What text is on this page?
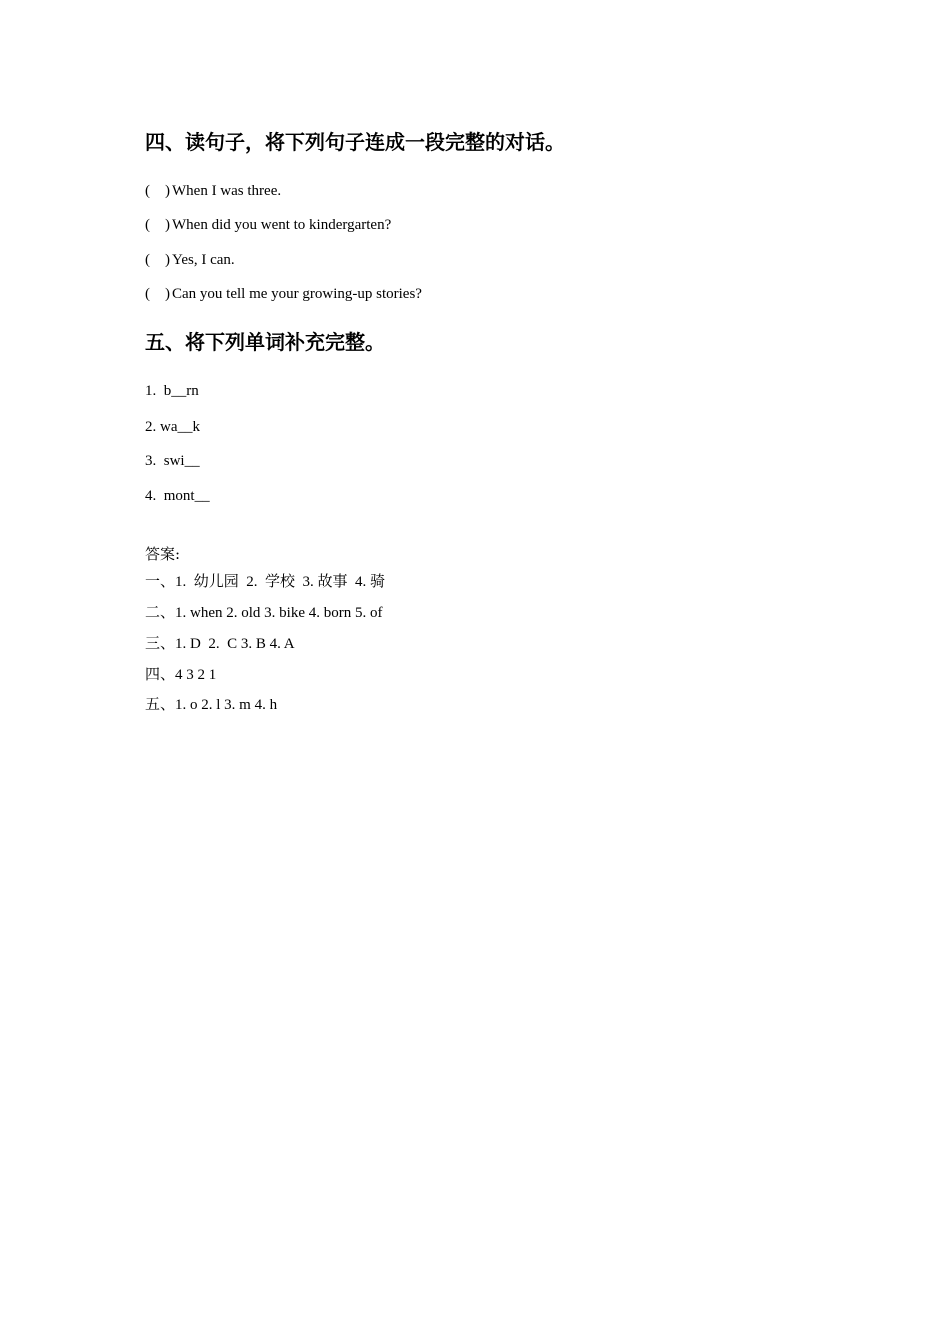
四、读句子，将下列句子连成一段完整的对话。
(    ) When I was three.
(    ) When did you went to kindergarten?
(    ) Yes, I can.
(    ) Can you tell me your growing-up stories?
五、将下列单词补充完整。
1.  b__rn
2. wa__k
3.  swi__
4.  mont__
答案:
一、1.  幼儿园  2.  学校  3. 故事  4. 骑
二、1. when 2. old 3. bike 4. born 5. of
三、1. D  2.  C 3. B 4. A
四、4 3 2 1
五、1. o 2. l 3. m 4. h
